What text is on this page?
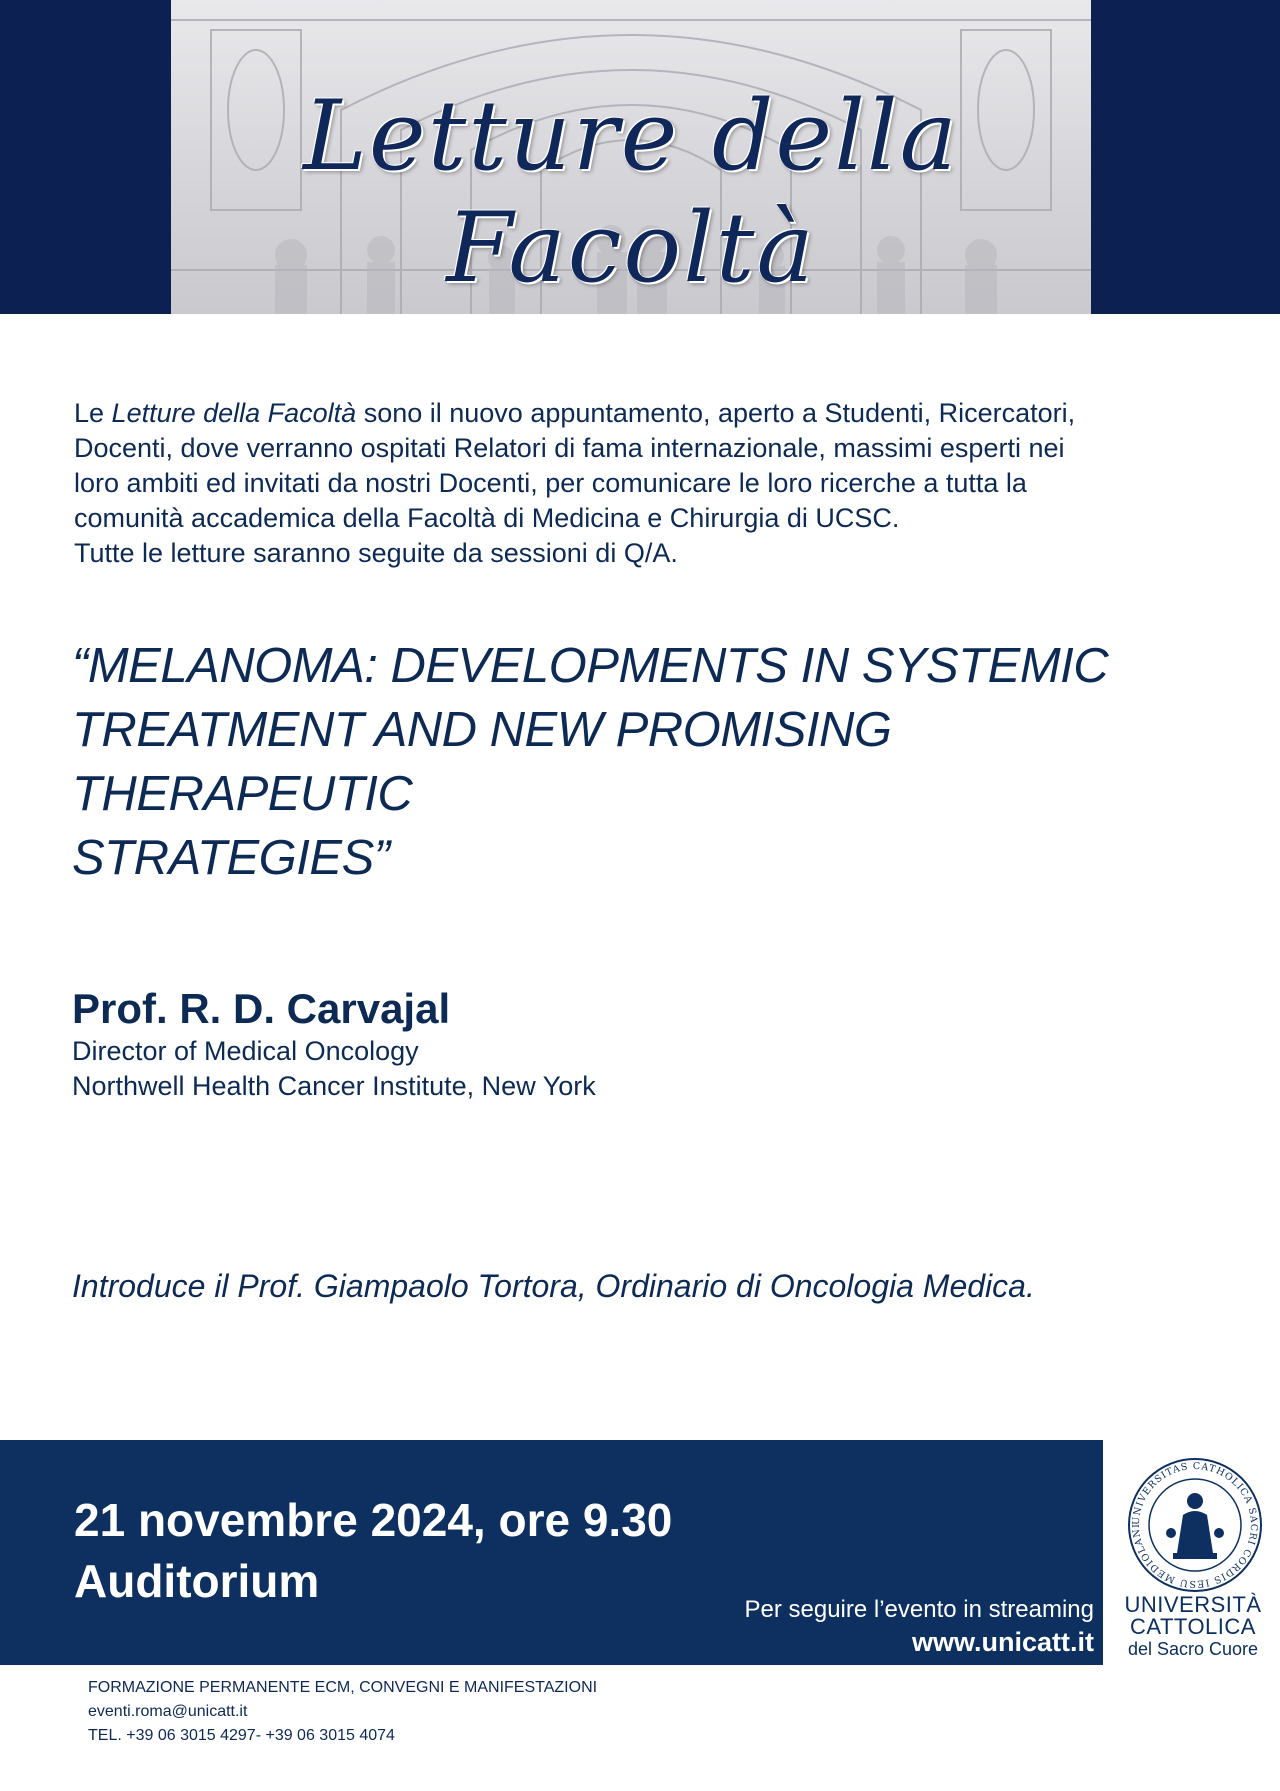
Letture della Facoltà
Le Letture della Facoltà sono il nuovo appuntamento, aperto a Studenti, Ricercatori,
Docenti, dove verranno ospitati Relatori di fama internazionale, massimi esperti nei
loro ambiti ed invitati da nostri Docenti, per comunicare le loro ricerche a tutta la
comunità accademica della Facoltà di Medicina e Chirurgia di UCSC.
Tutte le letture saranno seguite da sessioni di Q/A.
“MELANOMA: DEVELOPMENTS IN SYSTEMIC
TREATMENT AND NEW PROMISING THERAPEUTIC
STRATEGIES”
Prof. R. D. Carvajal
Director of Medical Oncology
Northwell Health Cancer Institute, New York
Introduce il Prof. Giampaolo Tortora, Ordinario di Oncologia Medica.
21 novembre 2024, ore 9.30
Auditorium
Per seguire l’evento in streaming
www.unicatt.it
UNIVERSITAS CATHOLICA SACRI CORDIS IESU MEDIOLANI
UNIVERSITÀ
CATTOLICA
del Sacro Cuore
FORMAZIONE PERMANENTE ECM, CONVEGNI E MANIFESTAZIONI
eventi.roma@unicatt.it
TEL. +39 06 3015 4297- +39 06 3015 4074
